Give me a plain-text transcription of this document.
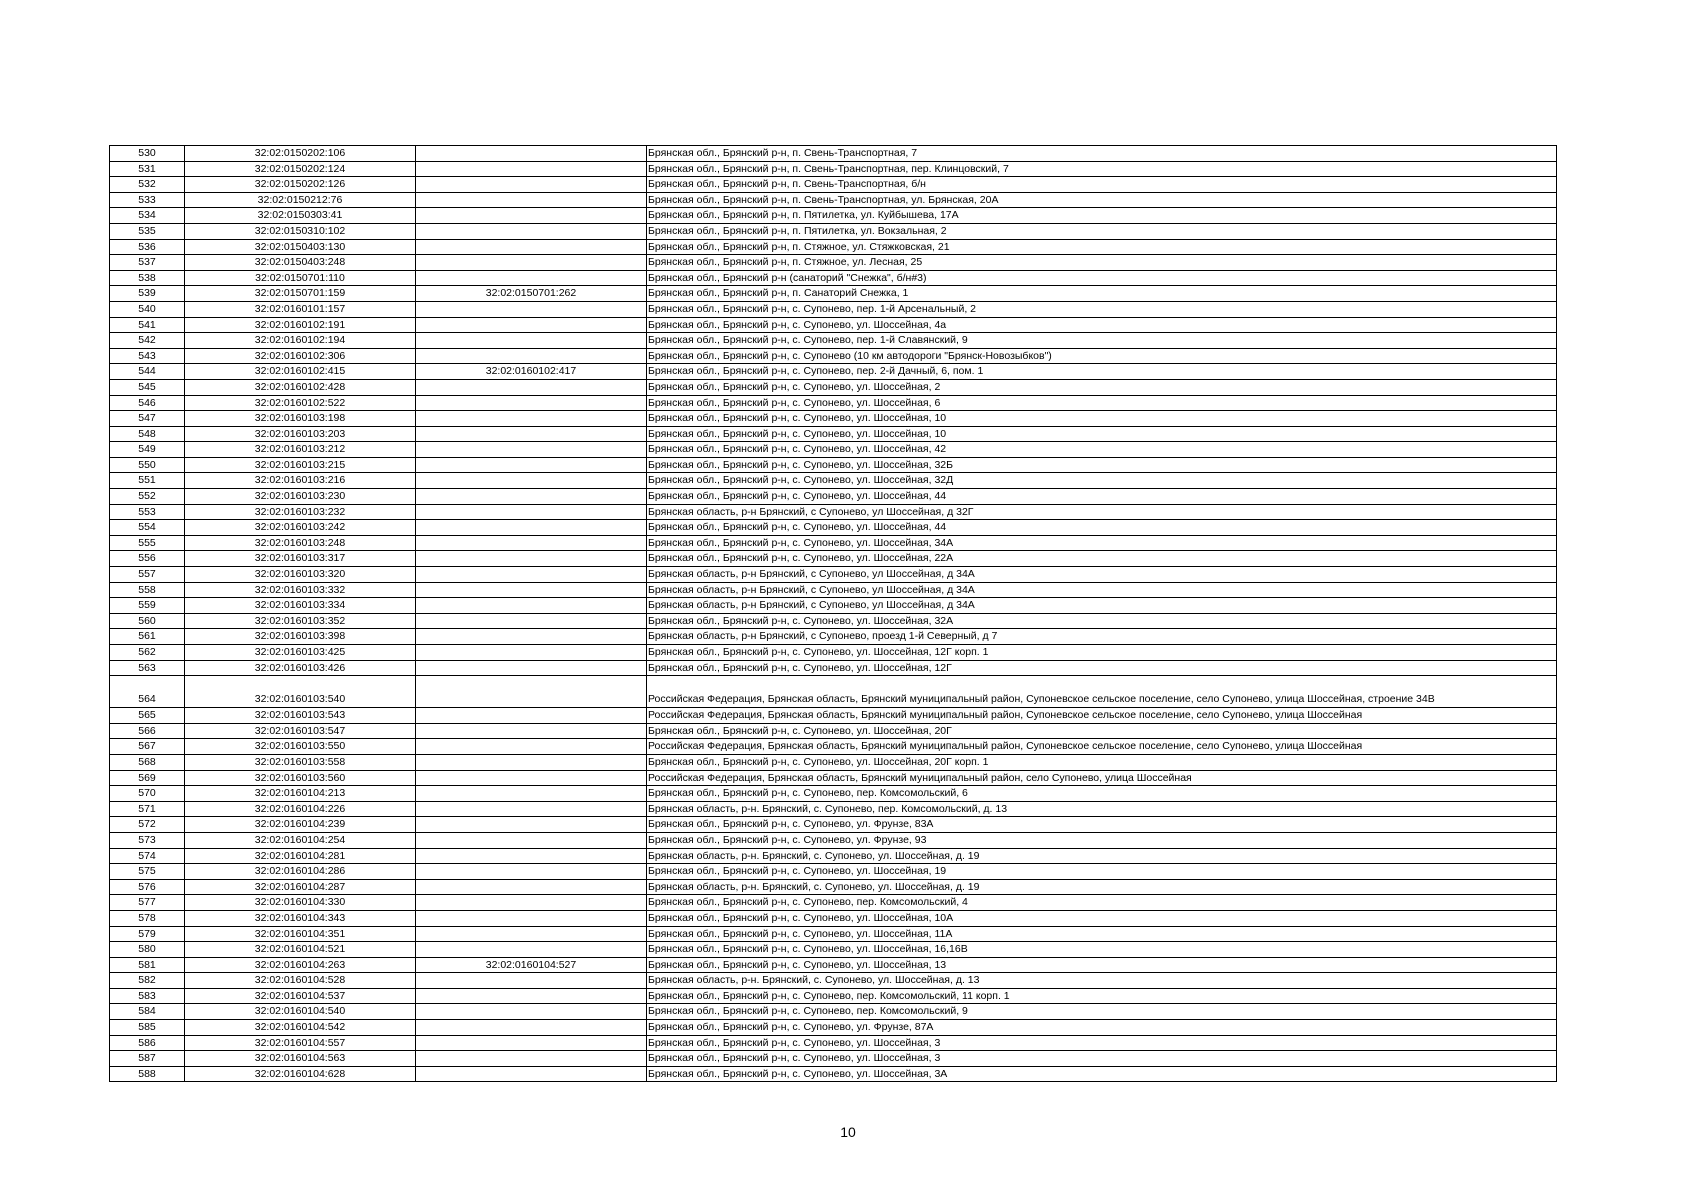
530	32:02:0150202:106		Брянская обл., Брянский р-н, п. Свень-Транспортная, 7
531	32:02:0150202:124		Брянская обл., Брянский р-н, п. Свень-Транспортная, пер. Клинцовский, 7
532	32:02:0150202:126		Брянская обл., Брянский р-н, п. Свень-Транспортная, б/н
533	32:02:0150212:76		Брянская обл., Брянский р-н, п. Свень-Транспортная, ул. Брянская, 20А
534	32:02:0150303:41		Брянская обл., Брянский р-н, п. Пятилетка, ул. Куйбышева, 17А
535	32:02:0150310:102		Брянская обл., Брянский р-н, п. Пятилетка, ул. Вокзальная, 2
536	32:02:0150403:130		Брянская обл., Брянский р-н, п. Стяжное, ул. Стяжковская, 21
537	32:02:0150403:248		Брянская обл., Брянский р-н, п. Стяжное, ул. Лесная, 25
538	32:02:0150701:110		Брянская обл., Брянский р-н (санаторий "Снежка", б/н#3)
539	32:02:0150701:159	32:02:0150701:262	Брянская обл., Брянский р-н, п. Санаторий Снежка, 1
540	32:02:0160101:157		Брянская обл., Брянский р-н, с. Супонево, пер. 1-й Арсенальный, 2
541	32:02:0160102:191		Брянская обл., Брянский р-н, с. Супонево, ул. Шоссейная, 4а
542	32:02:0160102:194		Брянская обл., Брянский р-н, с. Супонево, пер. 1-й Славянский, 9
543	32:02:0160102:306		Брянская обл., Брянский р-н, с. Супонево (10 км автодороги "Брянск-Новозыбков")
544	32:02:0160102:415	32:02:0160102:417	Брянская обл., Брянский р-н, с. Супонево, пер. 2-й Дачный, 6, пом. 1
545	32:02:0160102:428		Брянская обл., Брянский р-н, с. Супонево, ул. Шоссейная, 2
546	32:02:0160102:522		Брянская обл., Брянский р-н, с. Супонево, ул. Шоссейная, 6
547	32:02:0160103:198		Брянская обл., Брянский р-н, с. Супонево, ул. Шоссейная, 10
548	32:02:0160103:203		Брянская обл., Брянский р-н, с. Супонево, ул. Шоссейная, 10
549	32:02:0160103:212		Брянская обл., Брянский р-н, с. Супонево, ул. Шоссейная, 42
550	32:02:0160103:215		Брянская обл., Брянский р-н, с. Супонево, ул. Шоссейная, 32Б
551	32:02:0160103:216		Брянская обл., Брянский р-н, с. Супонево, ул. Шоссейная, 32Д
552	32:02:0160103:230		Брянская обл., Брянский р-н, с. Супонево, ул. Шоссейная, 44
553	32:02:0160103:232		Брянская область, р-н Брянский, с Супонево, ул Шоссейная, д 32Г
554	32:02:0160103:242		Брянская обл., Брянский р-н, с. Супонево, ул. Шоссейная, 44
555	32:02:0160103:248		Брянская обл., Брянский р-н, с. Супонево, ул. Шоссейная, 34А
556	32:02:0160103:317		Брянская обл., Брянский р-н, с. Супонево, ул. Шоссейная, 22А
557	32:02:0160103:320		Брянская область, р-н Брянский, с Супонево, ул Шоссейная, д 34А
558	32:02:0160103:332		Брянская область, р-н Брянский, с Супонево, ул Шоссейная, д 34А
559	32:02:0160103:334		Брянская область, р-н Брянский, с Супонево, ул Шоссейная, д 34А
560	32:02:0160103:352		Брянская обл., Брянский р-н, с. Супонево, ул. Шоссейная, 32А
561	32:02:0160103:398		Брянская область, р-н Брянский, с Супонево, проезд 1-й Северный, д 7
562	32:02:0160103:425		Брянская обл., Брянский р-н, с. Супонево, ул. Шоссейная, 12Г корп. 1
563	32:02:0160103:426		Брянская обл., Брянский р-н, с. Супонево, ул. Шоссейная, 12Г
564	32:02:0160103:540		Российская Федерация, Брянская область, Брянский муниципальный район, Супоневское сельское поселение, село Супонево, улица Шоссейная, строение 34В
565	32:02:0160103:543		Российская Федерация, Брянская область, Брянский муниципальный район, Супоневское сельское поселение, село Супонево, улица Шоссейная
566	32:02:0160103:547		Брянская обл., Брянский р-н, с. Супонево, ул. Шоссейная, 20Г
567	32:02:0160103:550		Российская Федерация, Брянская область, Брянский муниципальный район, Супоневское сельское поселение, село Супонево, улица Шоссейная
568	32:02:0160103:558		Брянская обл., Брянский р-н, с. Супонево, ул. Шоссейная, 20Г корп. 1
569	32:02:0160103:560		Российская Федерация, Брянская область, Брянский муниципальный район, село Супонево, улица Шоссейная
570	32:02:0160104:213		Брянская обл., Брянский р-н, с. Супонево, пер. Комсомольский, 6
571	32:02:0160104:226		Брянская область, р-н. Брянский, с. Супонево, пер. Комсомольский, д. 13
572	32:02:0160104:239		Брянская обл., Брянский р-н, с. Супонево, ул. Фрунзе, 83А
573	32:02:0160104:254		Брянская обл., Брянский р-н, с. Супонево, ул. Фрунзе, 93
574	32:02:0160104:281		Брянская область, р-н. Брянский, с. Супонево, ул. Шоссейная, д. 19
575	32:02:0160104:286		Брянская обл., Брянский р-н, с. Супонево, ул. Шоссейная, 19
576	32:02:0160104:287		Брянская область, р-н. Брянский, с. Супонево, ул. Шоссейная, д. 19
577	32:02:0160104:330		Брянская обл., Брянский р-н, с. Супонево, пер. Комсомольский, 4
578	32:02:0160104:343		Брянская обл., Брянский р-н, с. Супонево, ул. Шоссейная, 10А
579	32:02:0160104:351		Брянская обл., Брянский р-н, с. Супонево, ул. Шоссейная, 11А
580	32:02:0160104:521		Брянская обл., Брянский р-н, с. Супонево, ул. Шоссейная, 16,16В
581	32:02:0160104:263	32:02:0160104:527	Брянская обл., Брянский р-н, с. Супонево, ул. Шоссейная, 13
582	32:02:0160104:528		Брянская область, р-н. Брянский, с. Супонево, ул. Шоссейная, д. 13
583	32:02:0160104:537		Брянская обл., Брянский р-н, с. Супонево, пер. Комсомольский, 11 корп. 1
584	32:02:0160104:540		Брянская обл., Брянский р-н, с. Супонево, пер. Комсомольский, 9
585	32:02:0160104:542		Брянская обл., Брянский р-н, с. Супонево, ул. Фрунзе, 87А
586	32:02:0160104:557		Брянская обл., Брянский р-н, с. Супонево, ул. Шоссейная, 3
587	32:02:0160104:563		Брянская обл., Брянский р-н, с. Супонево, ул. Шоссейная, 3
588	32:02:0160104:628		Брянская обл., Брянский р-н, с. Супонево, ул. Шоссейная, 3А
10
